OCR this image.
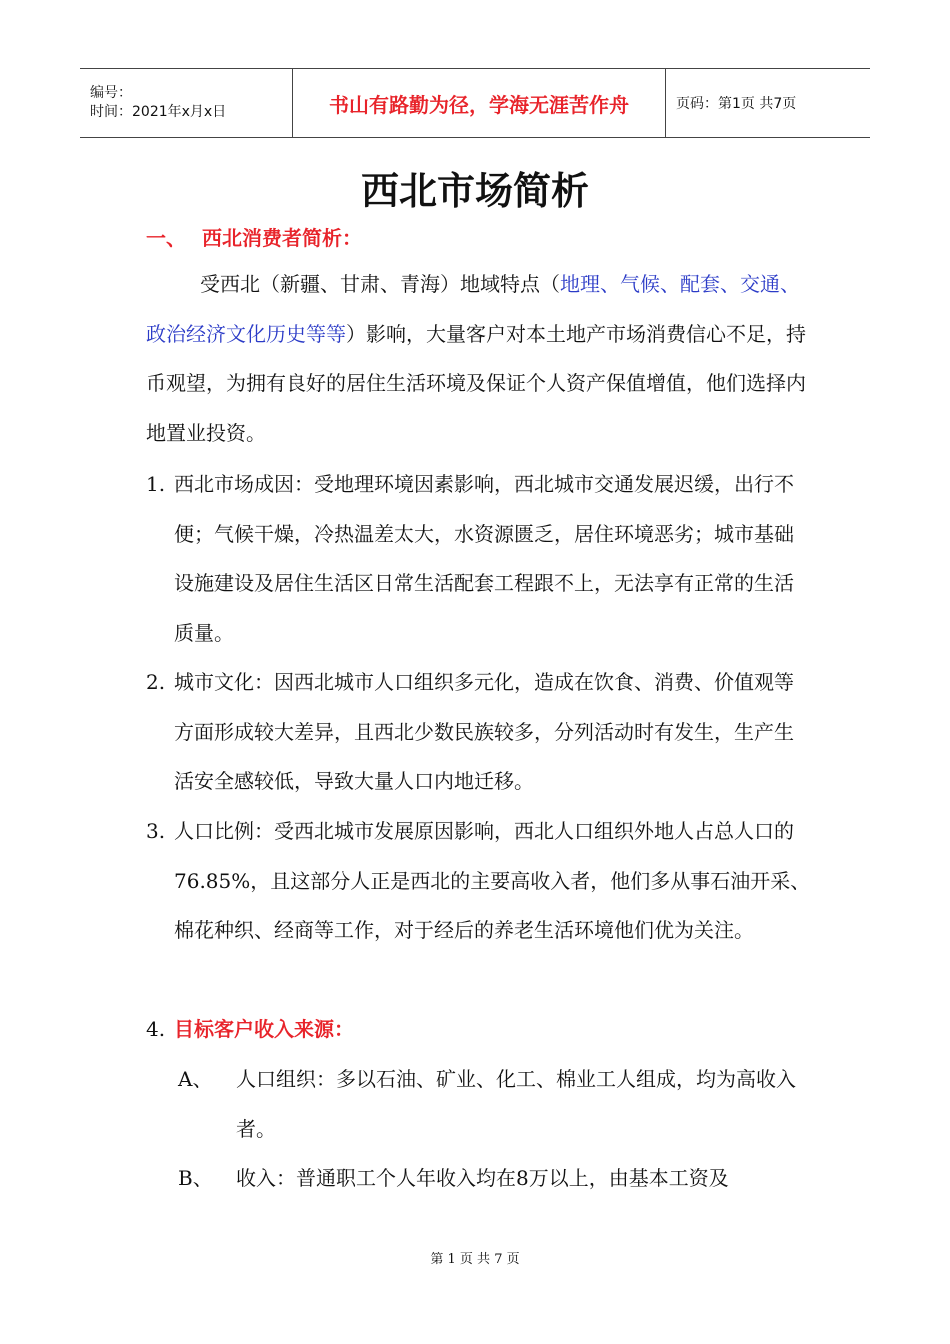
编号：
时间：2021年x月x日	书山有路勤为径，学海无涯苦作舟	页码：第1页 共7页
西北市场简析
一、 西北消费者简析：
受西北（新疆、甘肃、青海）地域特点（地理、气候、配套、交通、政治经济文化历史等等）影响，大量客户对本土地产市场消费信心不足，持币观望，为拥有良好的居住生活环境及保证个人资产保值增值，他们选择内地置业投资。
1. 西北市场成因：受地理环境因素影响，西北城市交通发展迟缓，出行不便；气候干燥，冷热温差太大，水资源匮乏，居住环境恶劣；城市基础设施建设及居住生活区日常生活配套工程跟不上，无法享有正常的生活质量。
2. 城市文化：因西北城市人口组织多元化，造成在饮食、消费、价值观等方面形成较大差异，且西北少数民族较多，分列活动时有发生，生产生活安全感较低，导致大量人口内地迁移。
3. 人口比例：受西北城市发展原因影响，西北人口组织外地人占总人口的76.85%，且这部分人正是西北的主要高收入者，他们多从事石油开采、棉花种织、经商等工作，对于经后的养老生活环境他们优为关注。
4. 目标客户收入来源：
A、	人口组织：多以石油、矿业、化工、棉业工人组成，均为高收入者。
B、	收入：普通职工个人年收入均在8万以上，由基本工资及
第 1 页 共 7 页
